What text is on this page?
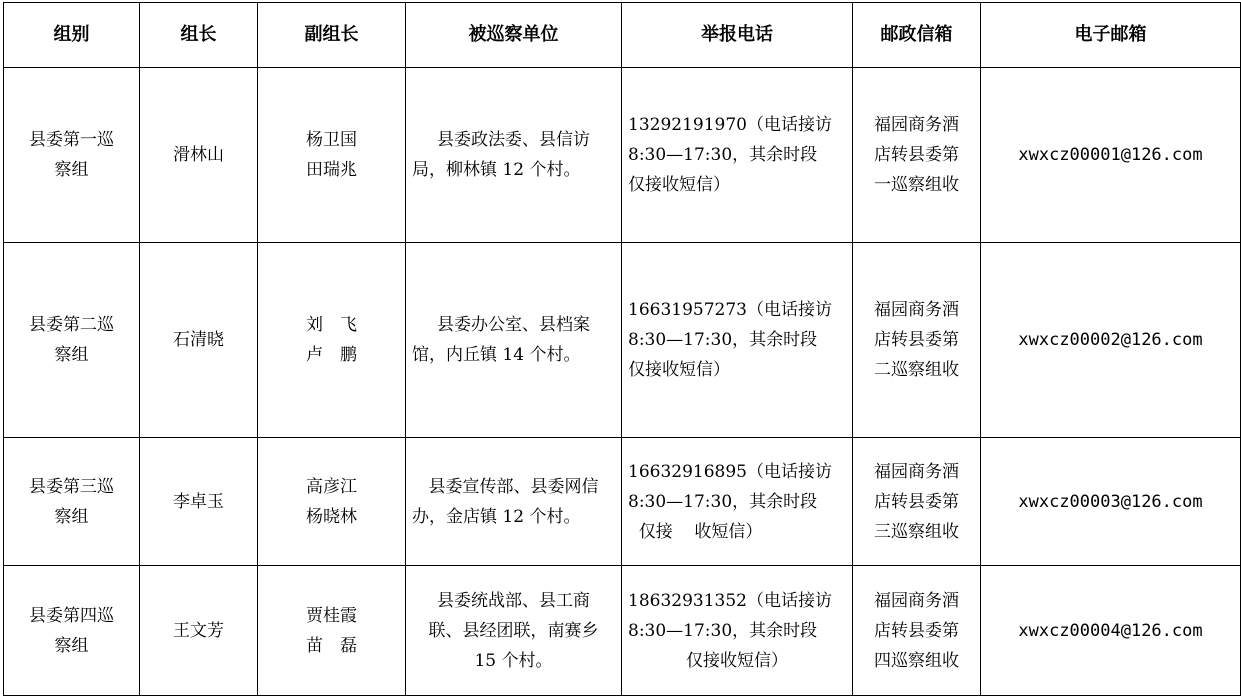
组别	组长	副组长	被巡察单位	举报电话	邮政信箱	电子邮箱

县委第一巡
察组	滑林山	杨卫国
田瑞兆	县委政法委、县信访
局，柳林镇 12 个村。	13292191970（电话接访
8:30—17:30，其余时段
仅接收短信）	福园商务酒
店转县委第
一巡察组收	xwxcz00001@126.com

县委第二巡
察组	石清晓	刘　飞
卢　鹏	县委办公室、县档案
馆，内丘镇 14 个村。	16631957273（电话接访
8:30—17:30，其余时段
仅接收短信）	福园商务酒
店转县委第
二巡察组收	xwxcz00002@126.com

县委第三巡
察组	李卓玉	高彦江
杨晓林	县委宣传部、县委网信
办，金店镇 12 个村。	16632916895（电话接访
8:30—17:30，其余时段
仅接    收短信）	福园商务酒
店转县委第
三巡察组收	xwxcz00003@126.com

县委第四巡
察组	王文芳	贾桂霞
苗　磊	县委统战部、县工商
联、县经团联，南赛乡
15 个村。	18632931352（电话接访
8:30—17:30，其余时段
仅接收短信）	福园商务酒
店转县委第
四巡察组收	xwxcz00004@126.com
